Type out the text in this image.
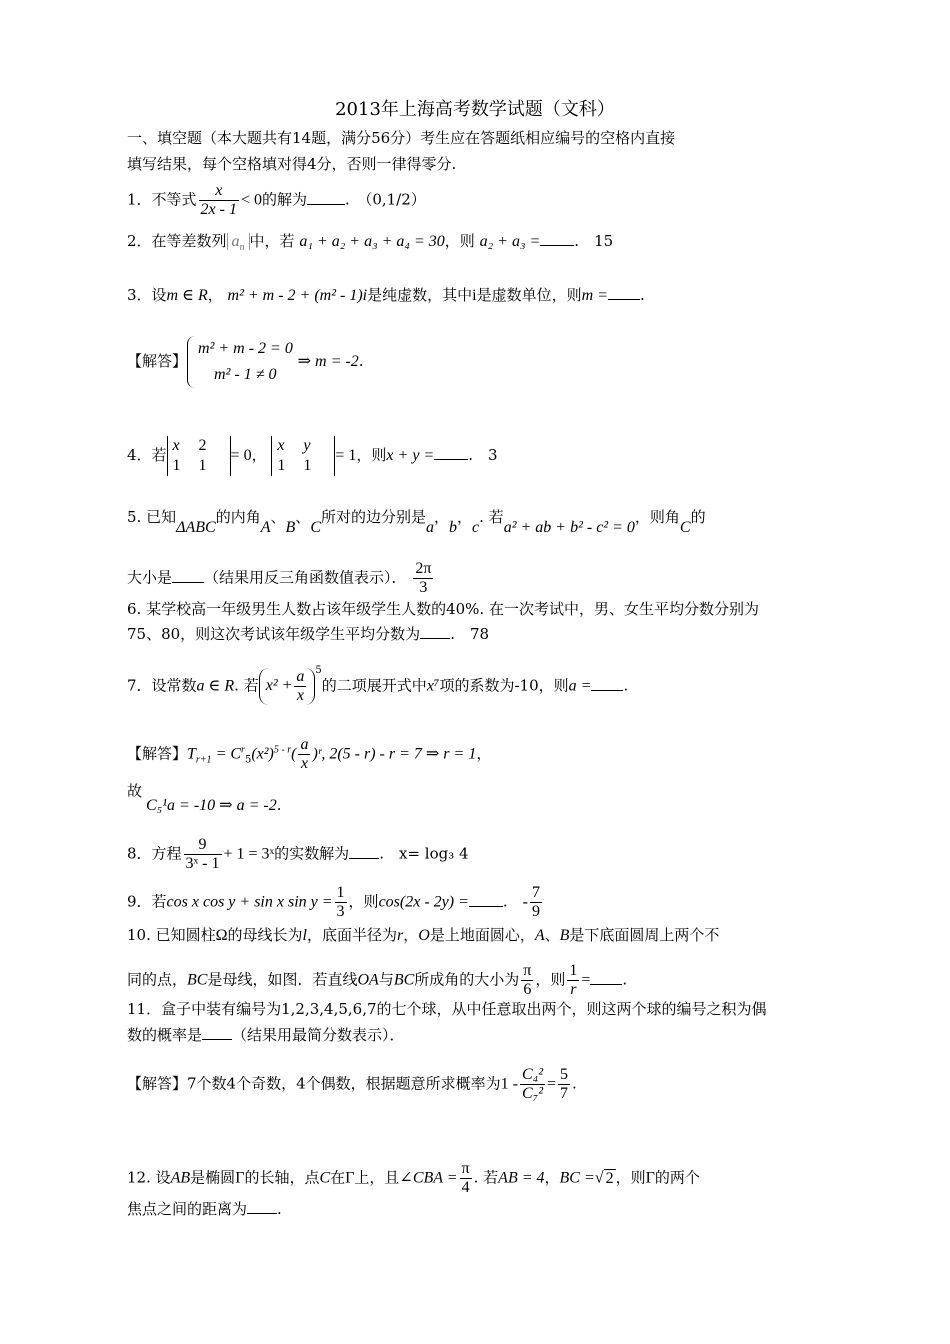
2013年上海高考数学试题（文科）
一、填空题（本大题共有14题，满分56分）考生应在答题纸相应编号的空格内直接
填写结果，每个空格填对得4分，否则一律得零分.
1．不等式 $\frac{x}{2x - 1} < 0$的解为	.　 （0,1/2）
2．在等差数列 $a_n$ 中，若 a₁ + a₂ + a₃ + a₄ = 30，则 a₂ + a₃ = .　 15
3．设m ∈ R， m² + m - 2 + (m² - 1)i是纯虚数，其中i是虚数单位，则m = .
【解答】
m² + m - 2 = 0
m² - 1 ≠ 0
⇒ m = -2.
4．若x 2
1 1= 0， x y
1 1= 1，则x + y = .　 3
5. 已知ΔABC的内角A、B、C所对的边分别是a，b，c. 若a² + ab + b² - c² = 0，则角C的
大小是 （结果用反三角函数值表示）． $\frac{2\pi}{3}$
6. 某学校高一年级男生人数占该年级学生人数的40%. 在一次考试中，男、女生平均分数分别为
75、80，则这次考试该年级学生平均分数为 .　 78
7．设常数a ∈ R. 若 $x^2 + \frac{a}{x} ^5$的二项展开式中x⁷项的系数为-10，则a = .
【解答】$T_{r+1} = C^r_5(x^2)^{5 - r}( \frac{a}{x}$ )ʳ, 2(5 - r) - r = 7 ⇒ r = 1，
故
C₅¹a = -10 ⇒ a = -2.
8．方程 $\frac{9}{\text{3ˣ - 1}} + 1$ = 3ˣ的实数解为 .　 x= log₃ 4
9．若cos x cos y + sin x $\sin y = \frac{1}{3}$ ，则cos(2x - 2y) = .　 - $\frac{7}{9}$
10. 已知圆柱Ω的母线长为l，底面半径为r，O是上地面圆心，A、B是下底面圆周上两个不
同的点，BC是母线，如图．若直线OA与BC所成角的大小为 $\frac{\pi}{6}$ ，则 $\frac{1}{r}$ = .
11．盒子中装有编号为1,2,3,4,5,6,7的七个球，从中任意取出两个，则这两个球的编号之积为偶
数的概率是 （结果用最简分数表示）．
【解答】7个数4个奇数，4个偶数，根据题意所求概率为$1 - \frac{\text{C₄²}}{\text{C₇²}} = \frac{5}{7}$ .
12. 设AB是椭圆Γ的长轴，点C在Γ上，且∠CBA = $\frac{\pi}{4}$ . 若AB = 4，BC =√ 2 ，则Γ的两个
焦点之间的距离为 .
